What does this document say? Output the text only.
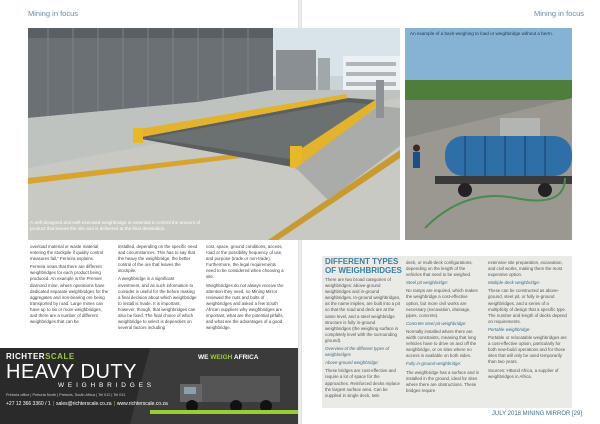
Mining in focus	Mining in focus
A well-designed and well-executed weighbridge is essential to control the amount of product that leaves the site and is delivered at the final destination.
An example of a back-weighing to load or weighbridge without a berm.

overload material or waste material entering the stockpile if quality control measures fail,” Ferreira explains.

Ferreira notes that there are different weighbridges for each product being produced. An example is the Premier diamond mine, where operations have dedicated separate weighbridges for the aggregates and iron-bearing ore being transported by road. Large mines can have up to six or more weighbridges, and there are a number of different weighbridges that can be

installed, depending on the specific need and circumstances. This has to say that the heavy the weighbridge, the better control of the ore that leaves the stockpile.

A weighbridge is a significant investment, and as such information to consider is useful for the before making a final decision about which weighbridge to install is made. It is important, however, though, that weighbridges can also be fixed. The final choice of which weighbridge to select is dependent on several factors including

cost, space, ground conditions, access, road or the possibility frequency of use, and purpose (trade or non-trade). Furthermore, the legal requirements need to be considered when choosing a site.

Weighbridges do not always receive the attention they need, so Mining Mirror reviewed the nuts and bolts of weighbridges and asked a few South African suppliers why weighbridges are important, what are the potential pitfalls, and what are the advantages of a good weighbridge.

DIFFERENT TYPES OF WEIGHBRIDGES

There are two broad categories of weighbridges: above-ground weighbridges and in-ground weighbridges. In-ground weighbridges, as the name implies, are built into a pit so that the road and deck are at the same level, and a steel weighbridge structure is fully in-ground weighbridges (the weighing surface is completely level with the surrounding ground).

Overview of the different types of weighbridges

Above-ground weighbridge:

These bridges are cost-effective and require a lot of space for the approaches. Reinforced decks replace the largest surface area. Can be supplied in single deck, twin

deck, or multi-deck configurations, depending on the length of the vehicles that need to be weighed.

Steel pit weighbridge:

No ramps are required, which makes the weighbridge a cost-effective option, but more civil works are necessary (excavation, drainage, pipes, concrete).

Concrete steel pit weighbridge:

Normally installed where there are width constraints, meaning that long vehicles have to drive on and off the weighbridge, or on sites where no access is available on both sides.

Fully in-ground weighbridge:

The weighbridge has a surface and is installed in the ground, ideal for sites where there are obstructions. These bridges require

extensive site preparation, excavation, and civil works, making them the most expensive option.

Multiple-deck weighbridge:

These can be constructed as above-ground, steel pit, or fully in-ground weighbridges, and a series of a multiplicity of design that a specific type. The number and length of decks depend on requirements.

Portable weighbridge:

Portable or relocatable weighbridges are a cost-effective option, particularly for both new-build operations and for those sites that will only be used temporarily than two years.

Sources: HBond Africa, a supplier of weighbridges in Africa.

RICHTERSCALE
HEAVY DUTY
WEIGHBRIDGES
WE WEIGH AFRICA
Pretoria office | Pretoria North | Pretoria, South Africa | Tel 012 | Tel 011
+27 12 366 3360 / 1 | sales@richterscale.co.za | www.richterscale.co.za
JULY 2018 MINING MIRROR [29]
